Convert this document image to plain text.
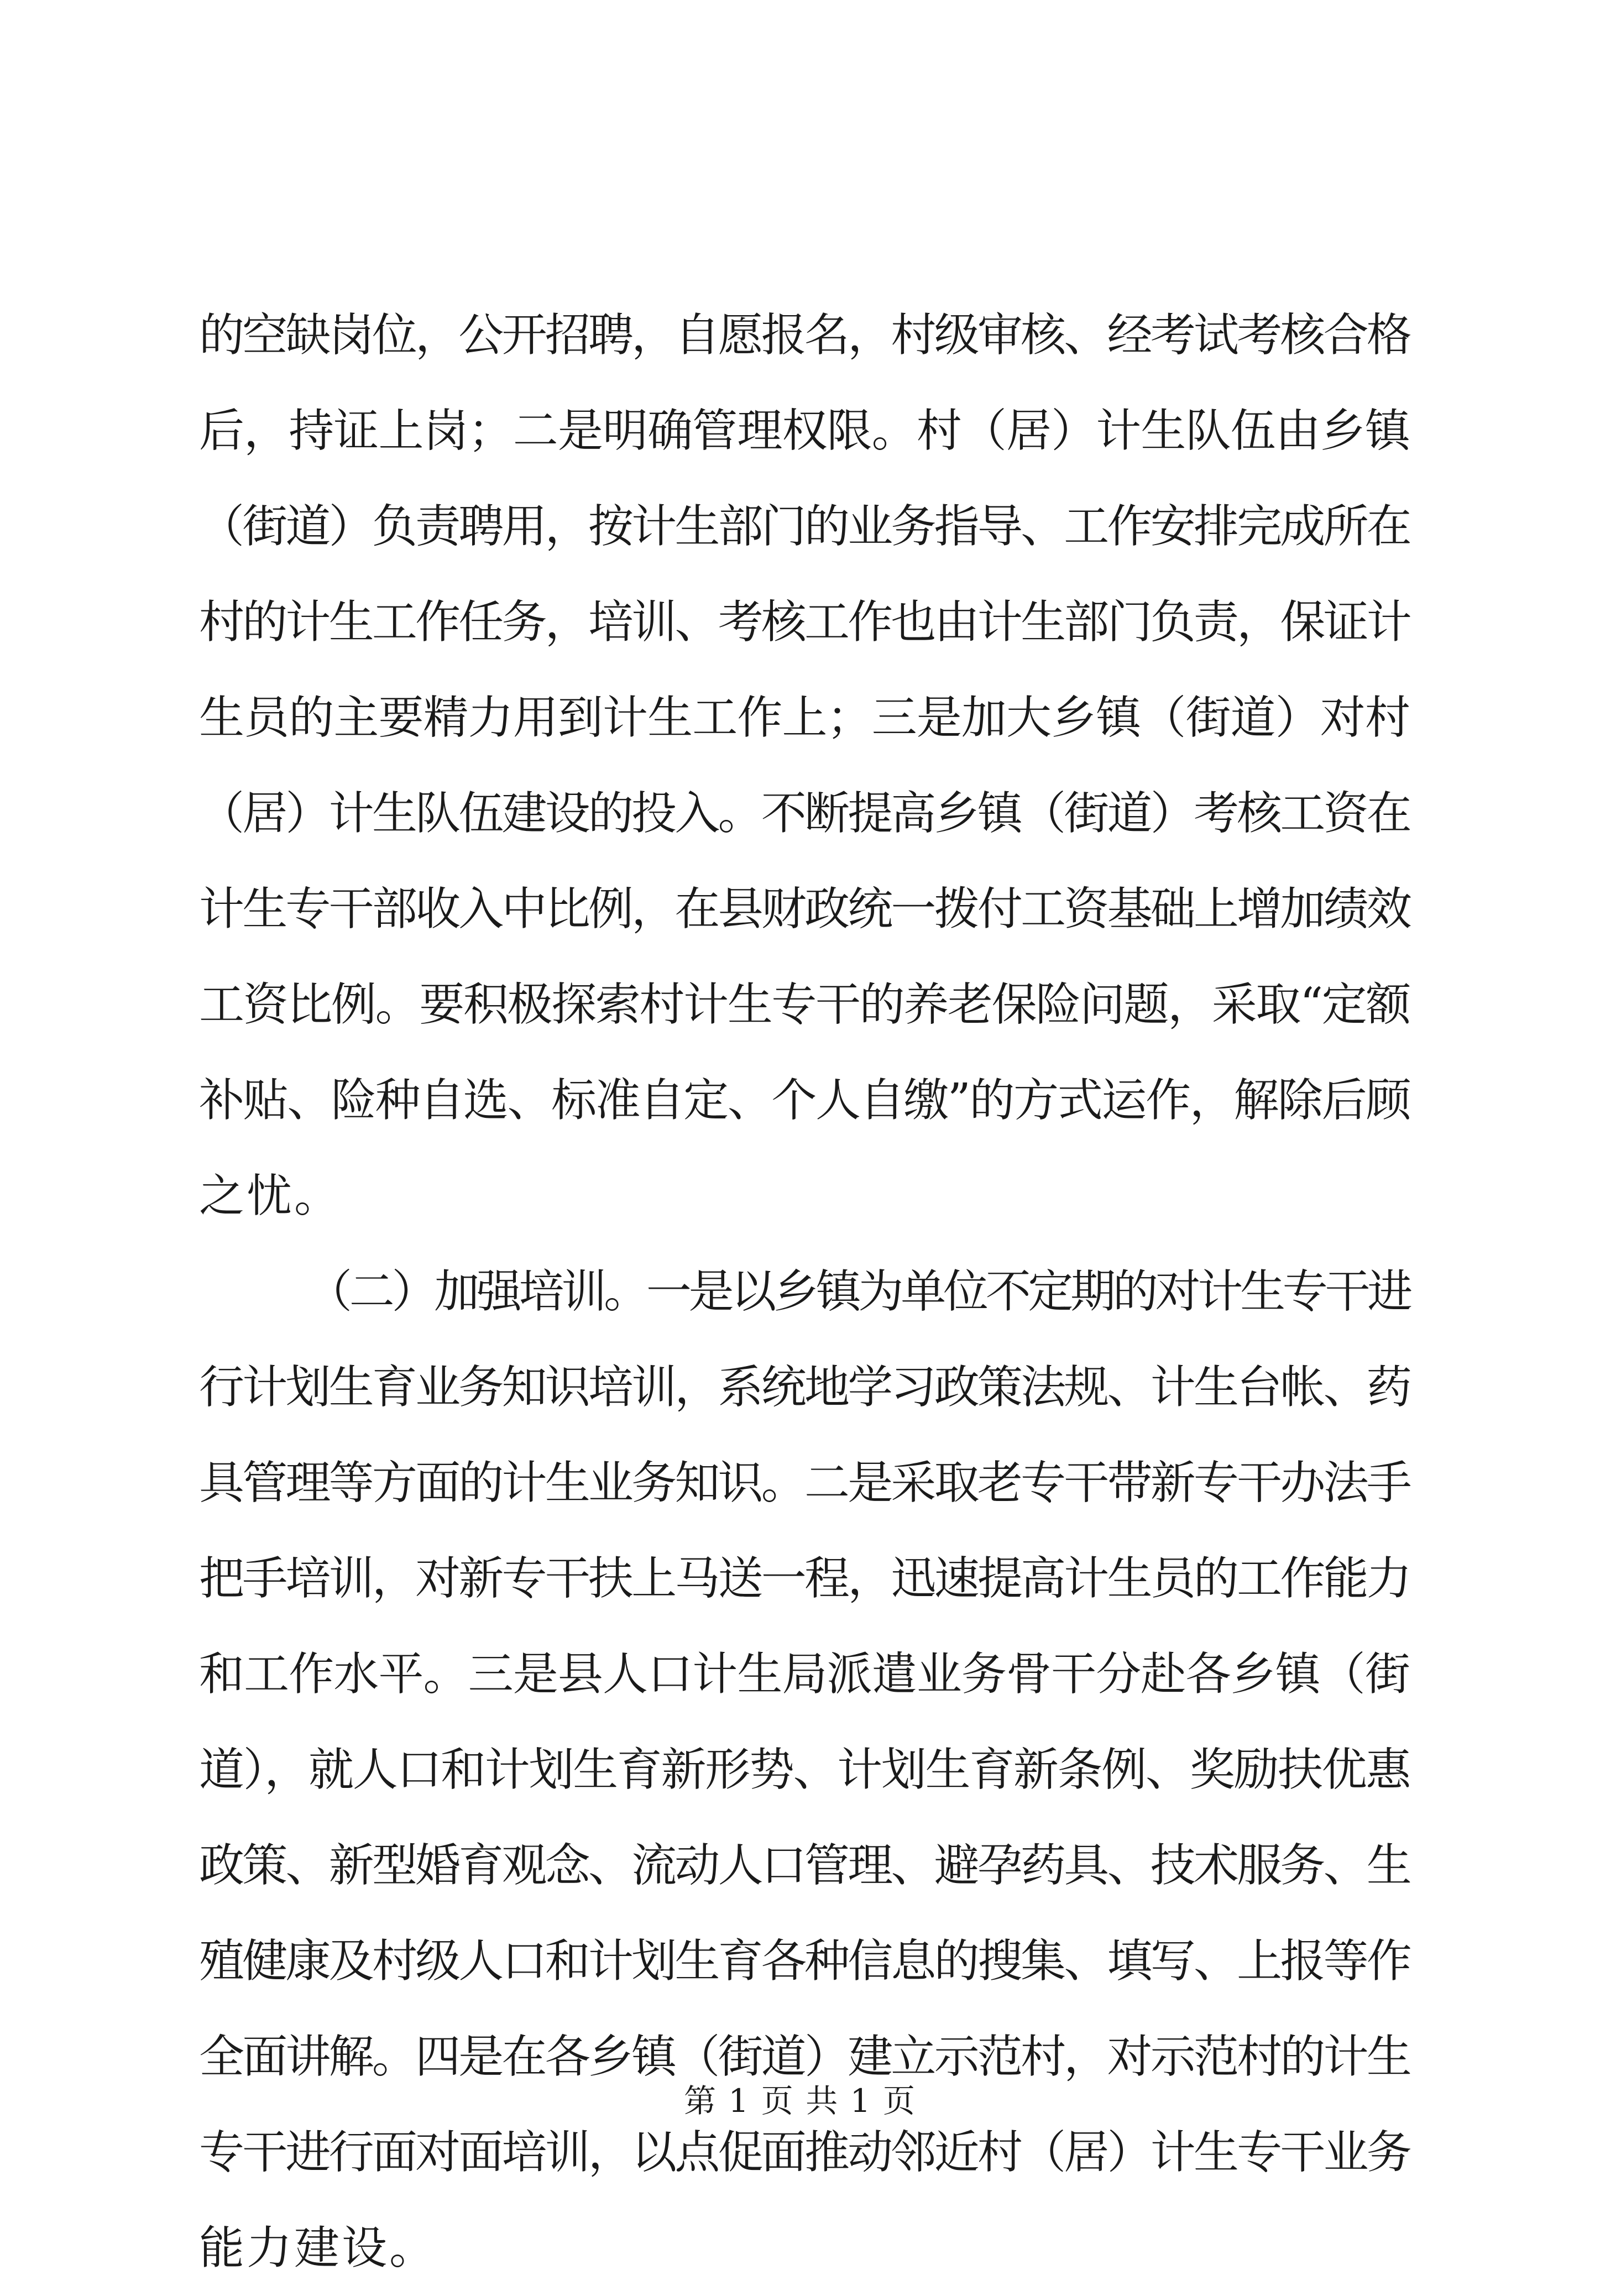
的空缺岗位，公开招聘，自愿报名，村级审核、经考试考核合格
后，持证上岗；二是明确管理权限。村（居）计生队伍由乡镇
（街道）负责聘用，按计生部门的业务指导、工作安排完成所在
村的计生工作任务，培训、考核工作也由计生部门负责，保证计
生员的主要精力用到计生工作上；三是加大乡镇（街道）对村
（居）计生队伍建设的投入。不断提高乡镇（街道）考核工资在
计生专干部收入中比例，在县财政统一拨付工资基础上增加绩效
工资比例。要积极探索村计生专干的养老保险问题，采取“定额
补贴、险种自选、标准自定、个人自缴”的方式运作，解除后顾
之忧。
（二）加强培训。一是以乡镇为单位不定期的对计生专干进
行计划生育业务知识培训，系统地学习政策法规、计生台帐、药
具管理等方面的计生业务知识。二是采取老专干带新专干办法手
把手培训，对新专干扶上马送一程，迅速提高计生员的工作能力
和工作水平。三是县人口计生局派遣业务骨干分赴各乡镇（街
道），就人口和计划生育新形势、计划生育新条例、奖励扶优惠
政策、新型婚育观念、流动人口管理、避孕药具、技术服务、生
殖健康及村级人口和计划生育各种信息的搜集、填写、上报等作
全面讲解。四是在各乡镇（街道）建立示范村，对示范村的计生
专干进行面对面培训，以点促面推动邻近村（居）计生专干业务
能力建设。
第 1 页 共 1 页
